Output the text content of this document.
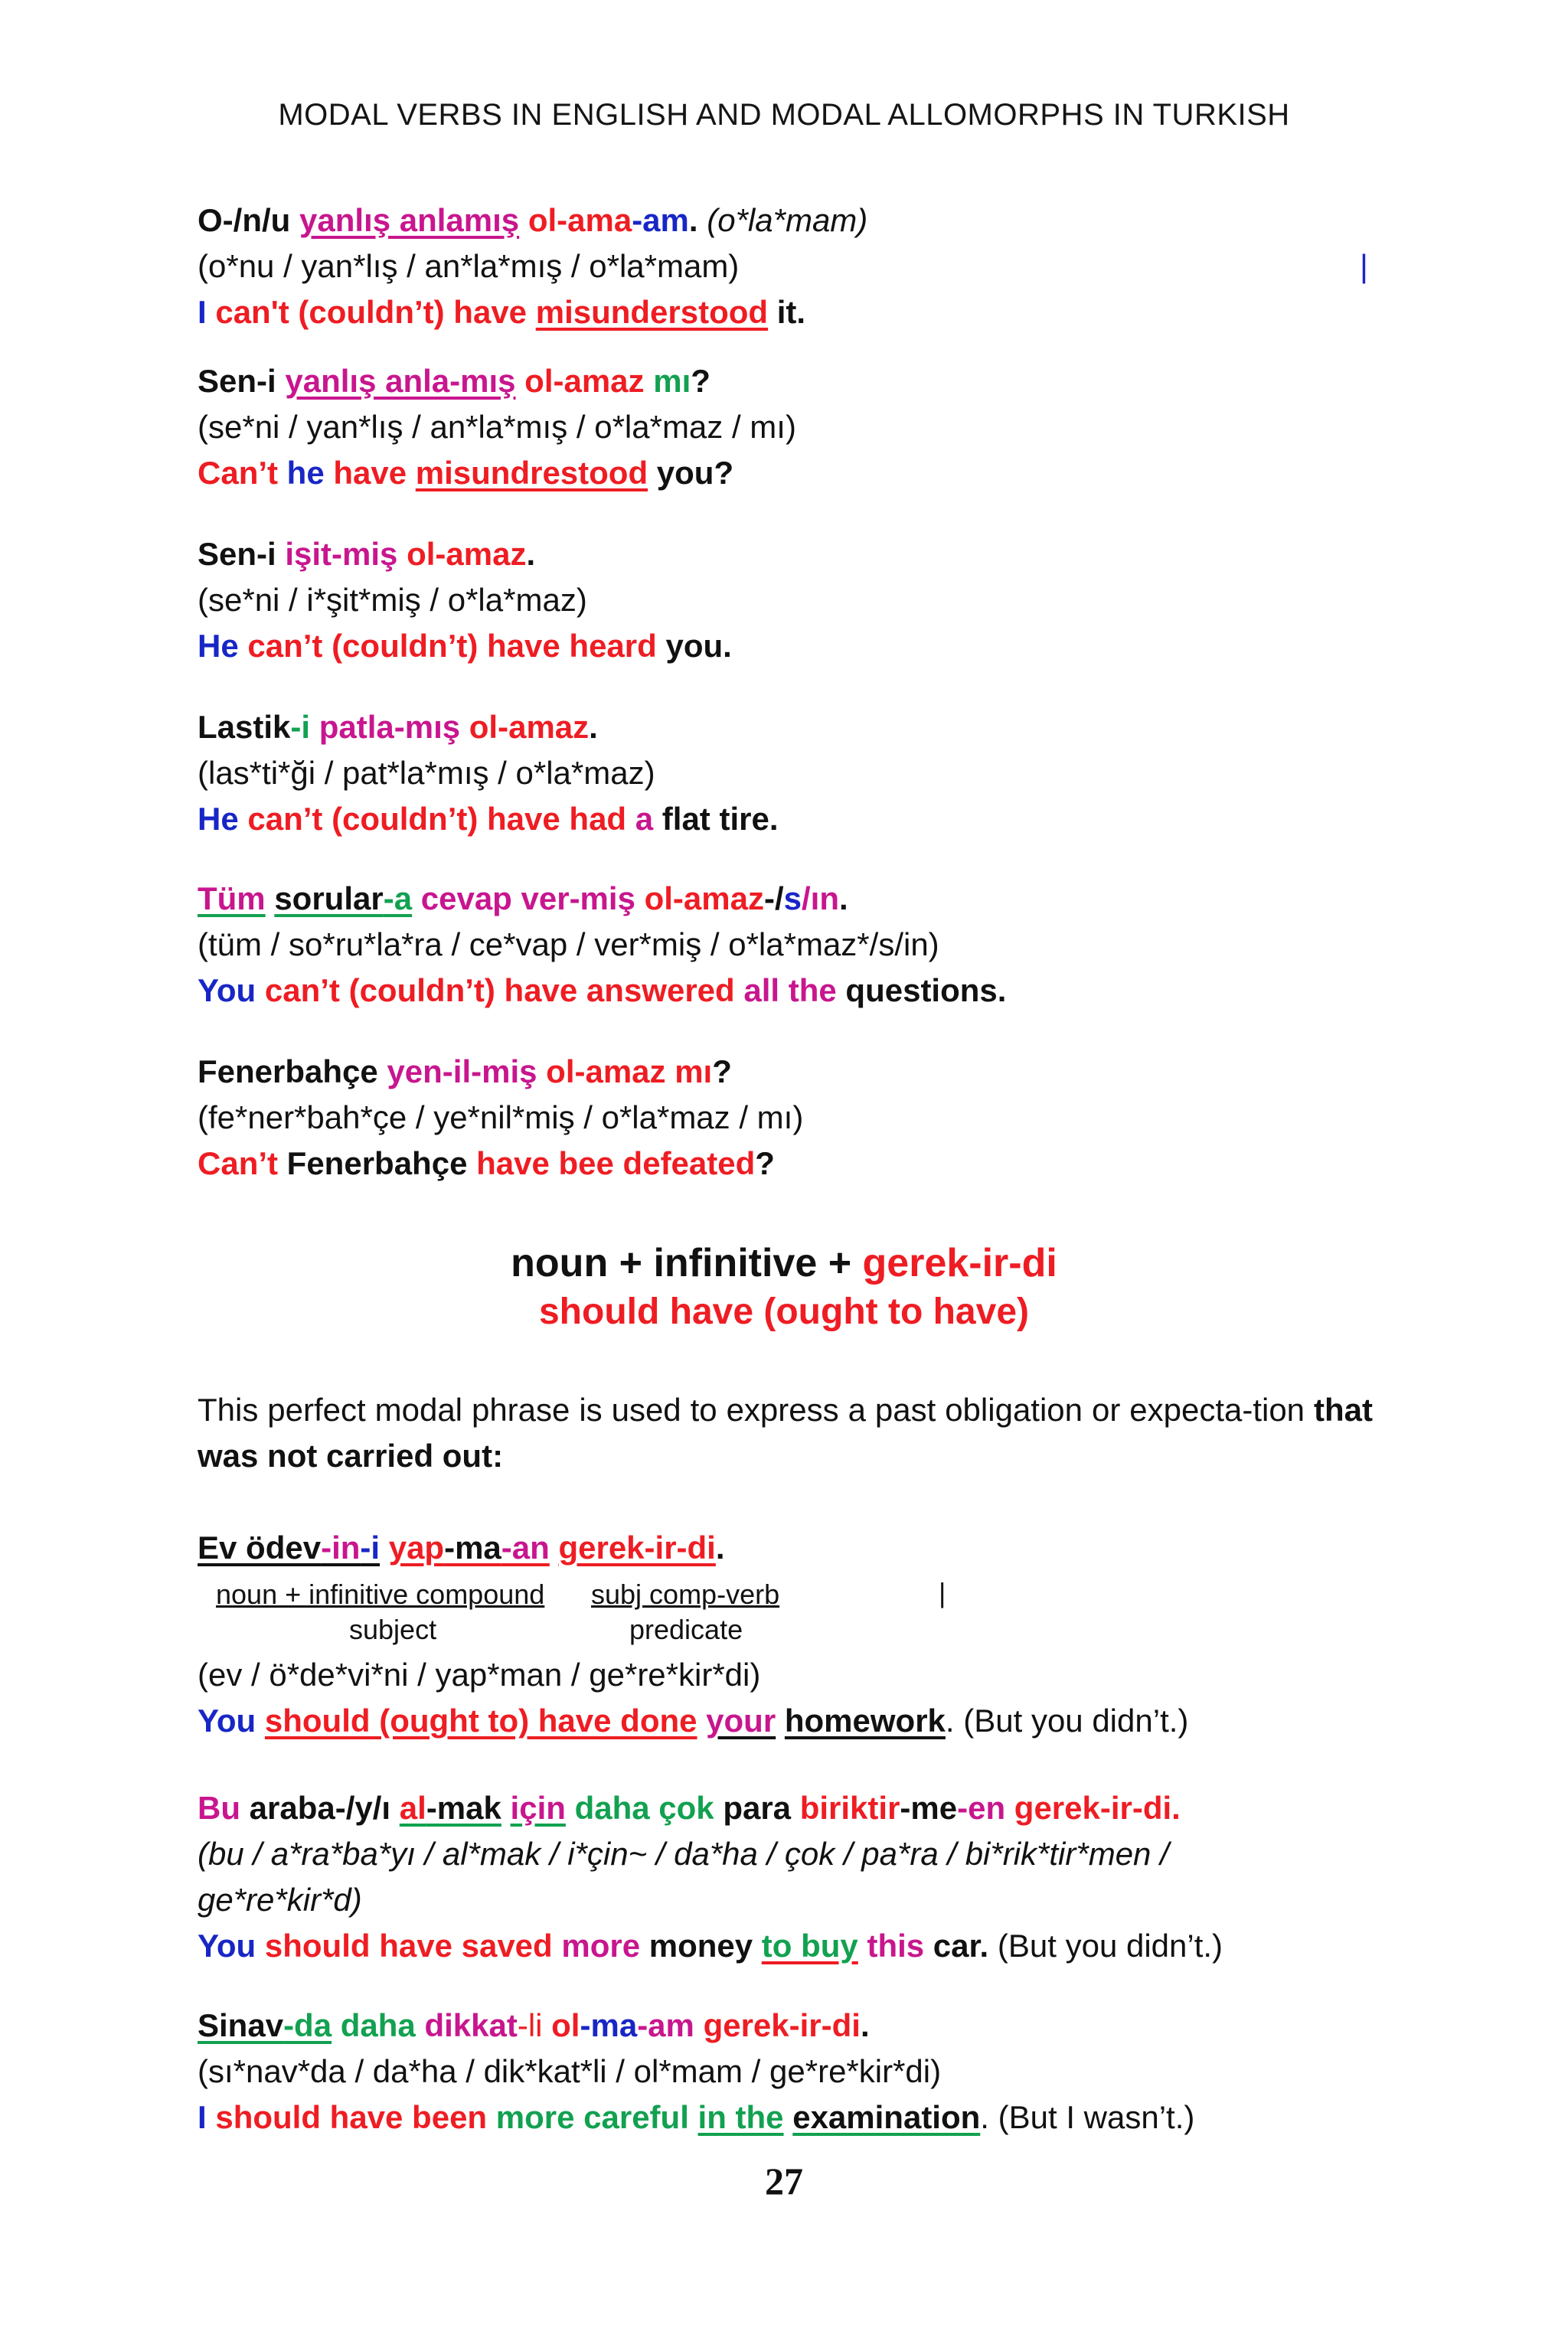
MODAL VERBS IN ENGLISH AND MODAL ALLOMORPHS IN TURKISH
O-/n/u yanlış anlamış ol-ama-am. (o*la*mam)
(o*nu / yan*lış / an*la*mış / o*la*mam)	|
I can't (couldn’t) have misunderstood it.
Sen-i yanlış anla-mış ol-amaz mı?
(se*ni / yan*lış / an*la*mış / o*la*maz / mı)
Can’t he have misundrestood you?
Sen-i işit-miş ol-amaz.
(se*ni / i*şit*miş / o*la*maz)
He can’t (couldn’t) have heard you.
Lastik-i patla-mış ol-amaz.
(las*ti*ği / pat*la*mış / o*la*maz)
He can’t (couldn’t) have had a flat tire.
Tüm sorular-a cevap ver-miş ol-amaz-/s/ın.
(tüm / so*ru*la*ra / ce*vap / ver*miş / o*la*maz*/s/in)
You can’t (couldn’t) have answered all the questions.
Fenerbahçe yen-il-miş ol-amaz mı?
(fe*ner*bah*çe / ye*nil*miş / o*la*maz / mı)
Can’t Fenerbahçe have bee defeated?
noun + infinitive + gerek-ir-di
should have (ought to have)
This perfect modal phrase is used to express a past obligation or expecta-tion that was not carried out:
Ev ödev-in-i yap-ma-an gerek-ir-di.
noun + infinitive compound subj comp-verb
subject	predicate
|
(ev / ö*de*vi*ni / yap*man / ge*re*kir*di)
You should (ought to) have done your homework. (But you didn’t.)
Bu araba-/y/ı al-mak için daha çok para biriktir-me-en gerek-ir-di.
(bu / a*ra*ba*yı / al*mak / i*çin~ / da*ha / çok / pa*ra / bi*rik*tir*men /
ge*re*kir*d)
You should have saved more money to buy this car. (But you didn’t.)
Sinav-da daha dikkat-li ol-ma-am gerek-ir-di.
(sı*nav*da / da*ha / dik*kat*li / ol*mam / ge*re*kir*di)
I should have been more careful in the examination. (But I wasn’t.)
27
